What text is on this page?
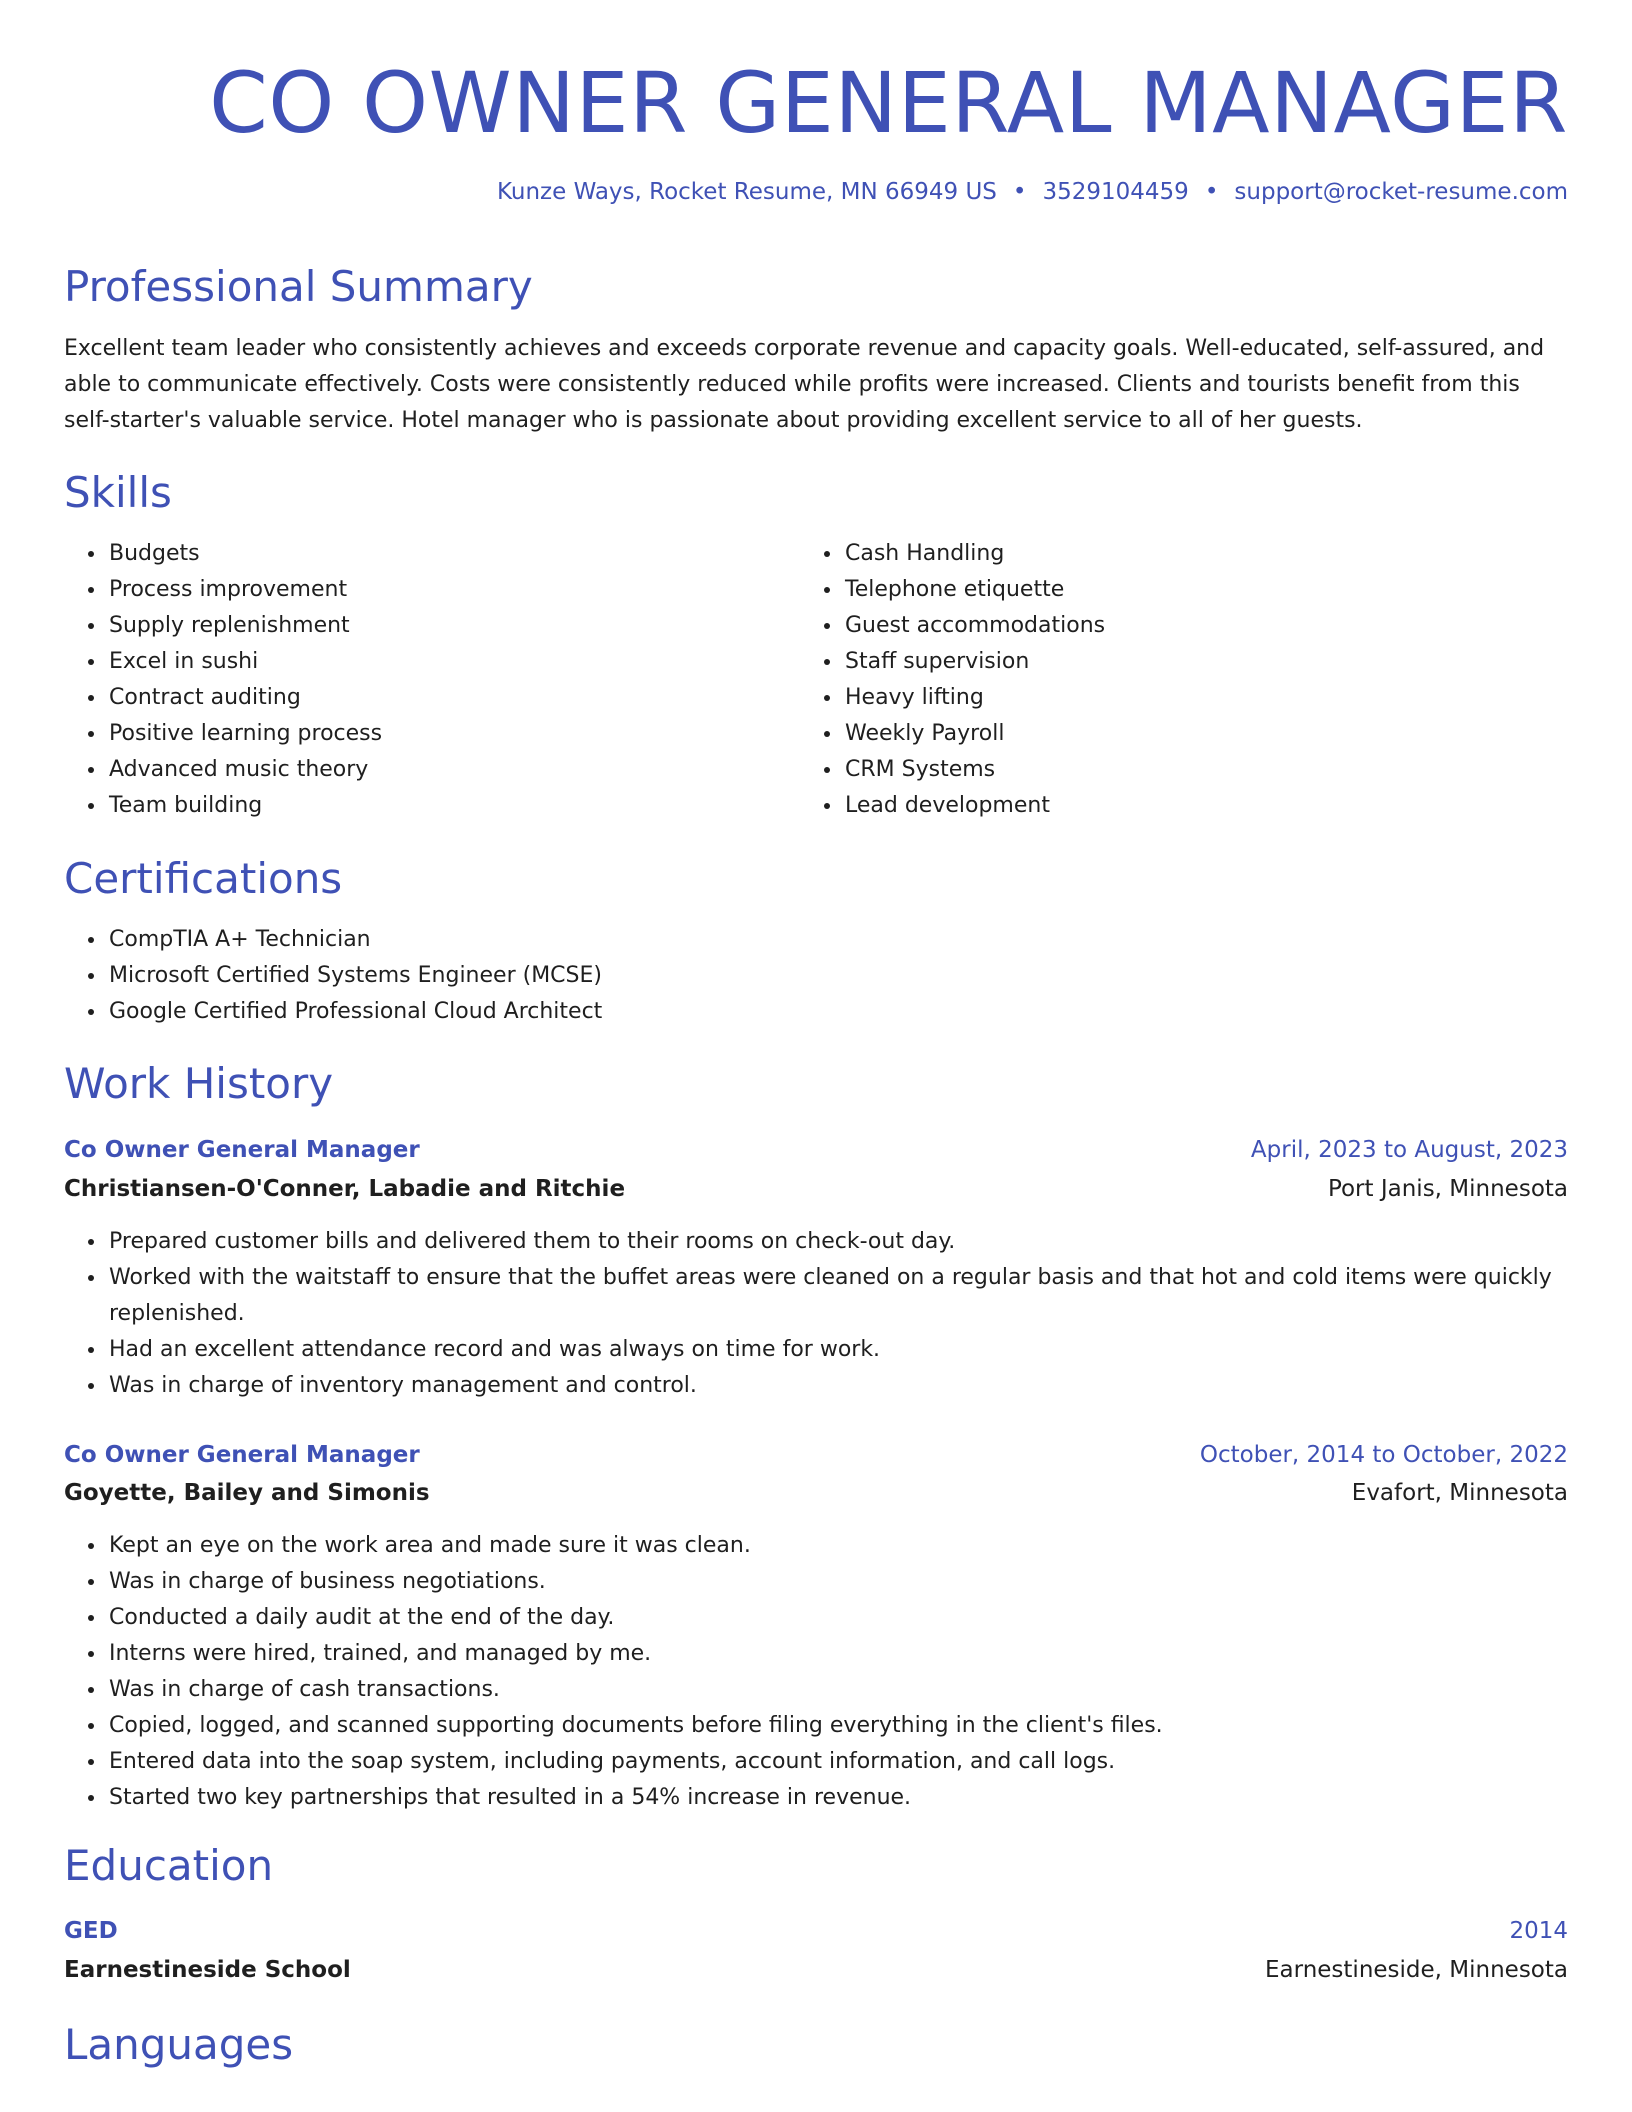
CO OWNER GENERAL MANAGER
Kunze Ways, Rocket Resume, MN 66949 US • 3529104459 • support@rocket-resume.com
Professional Summary
Excellent team leader who consistently achieves and exceeds corporate revenue and capacity goals. Well-educated, self-assured, and able to communicate effectively. Costs were consistently reduced while profits were increased. Clients and tourists benefit from this self-starter's valuable service. Hotel manager who is passionate about providing excellent service to all of her guests.
Skills
• Budgets
• Process improvement
• Supply replenishment
• Excel in sushi
• Contract auditing
• Positive learning process
• Advanced music theory
• Team building
• Cash Handling
• Telephone etiquette
• Guest accommodations
• Staff supervision
• Heavy lifting
• Weekly Payroll
• CRM Systems
• Lead development
Certifications
• CompTIA A+ Technician
• Microsoft Certified Systems Engineer (MCSE)
• Google Certified Professional Cloud Architect
Work History
Co Owner General Manager	April, 2023 to August, 2023
Christiansen-O'Conner, Labadie and Ritchie	Port Janis, Minnesota
• Prepared customer bills and delivered them to their rooms on check-out day.
• Worked with the waitstaff to ensure that the buffet areas were cleaned on a regular basis and that hot and cold items were quickly replenished.
• Had an excellent attendance record and was always on time for work.
• Was in charge of inventory management and control.
Co Owner General Manager	October, 2014 to October, 2022
Goyette, Bailey and Simonis	Evafort, Minnesota
• Kept an eye on the work area and made sure it was clean.
• Was in charge of business negotiations.
• Conducted a daily audit at the end of the day.
• Interns were hired, trained, and managed by me.
• Was in charge of cash transactions.
• Copied, logged, and scanned supporting documents before filing everything in the client's files.
• Entered data into the soap system, including payments, account information, and call logs.
• Started two key partnerships that resulted in a 54% increase in revenue.
Education
GED	2014
Earnestineside School	Earnestineside, Minnesota
Languages
